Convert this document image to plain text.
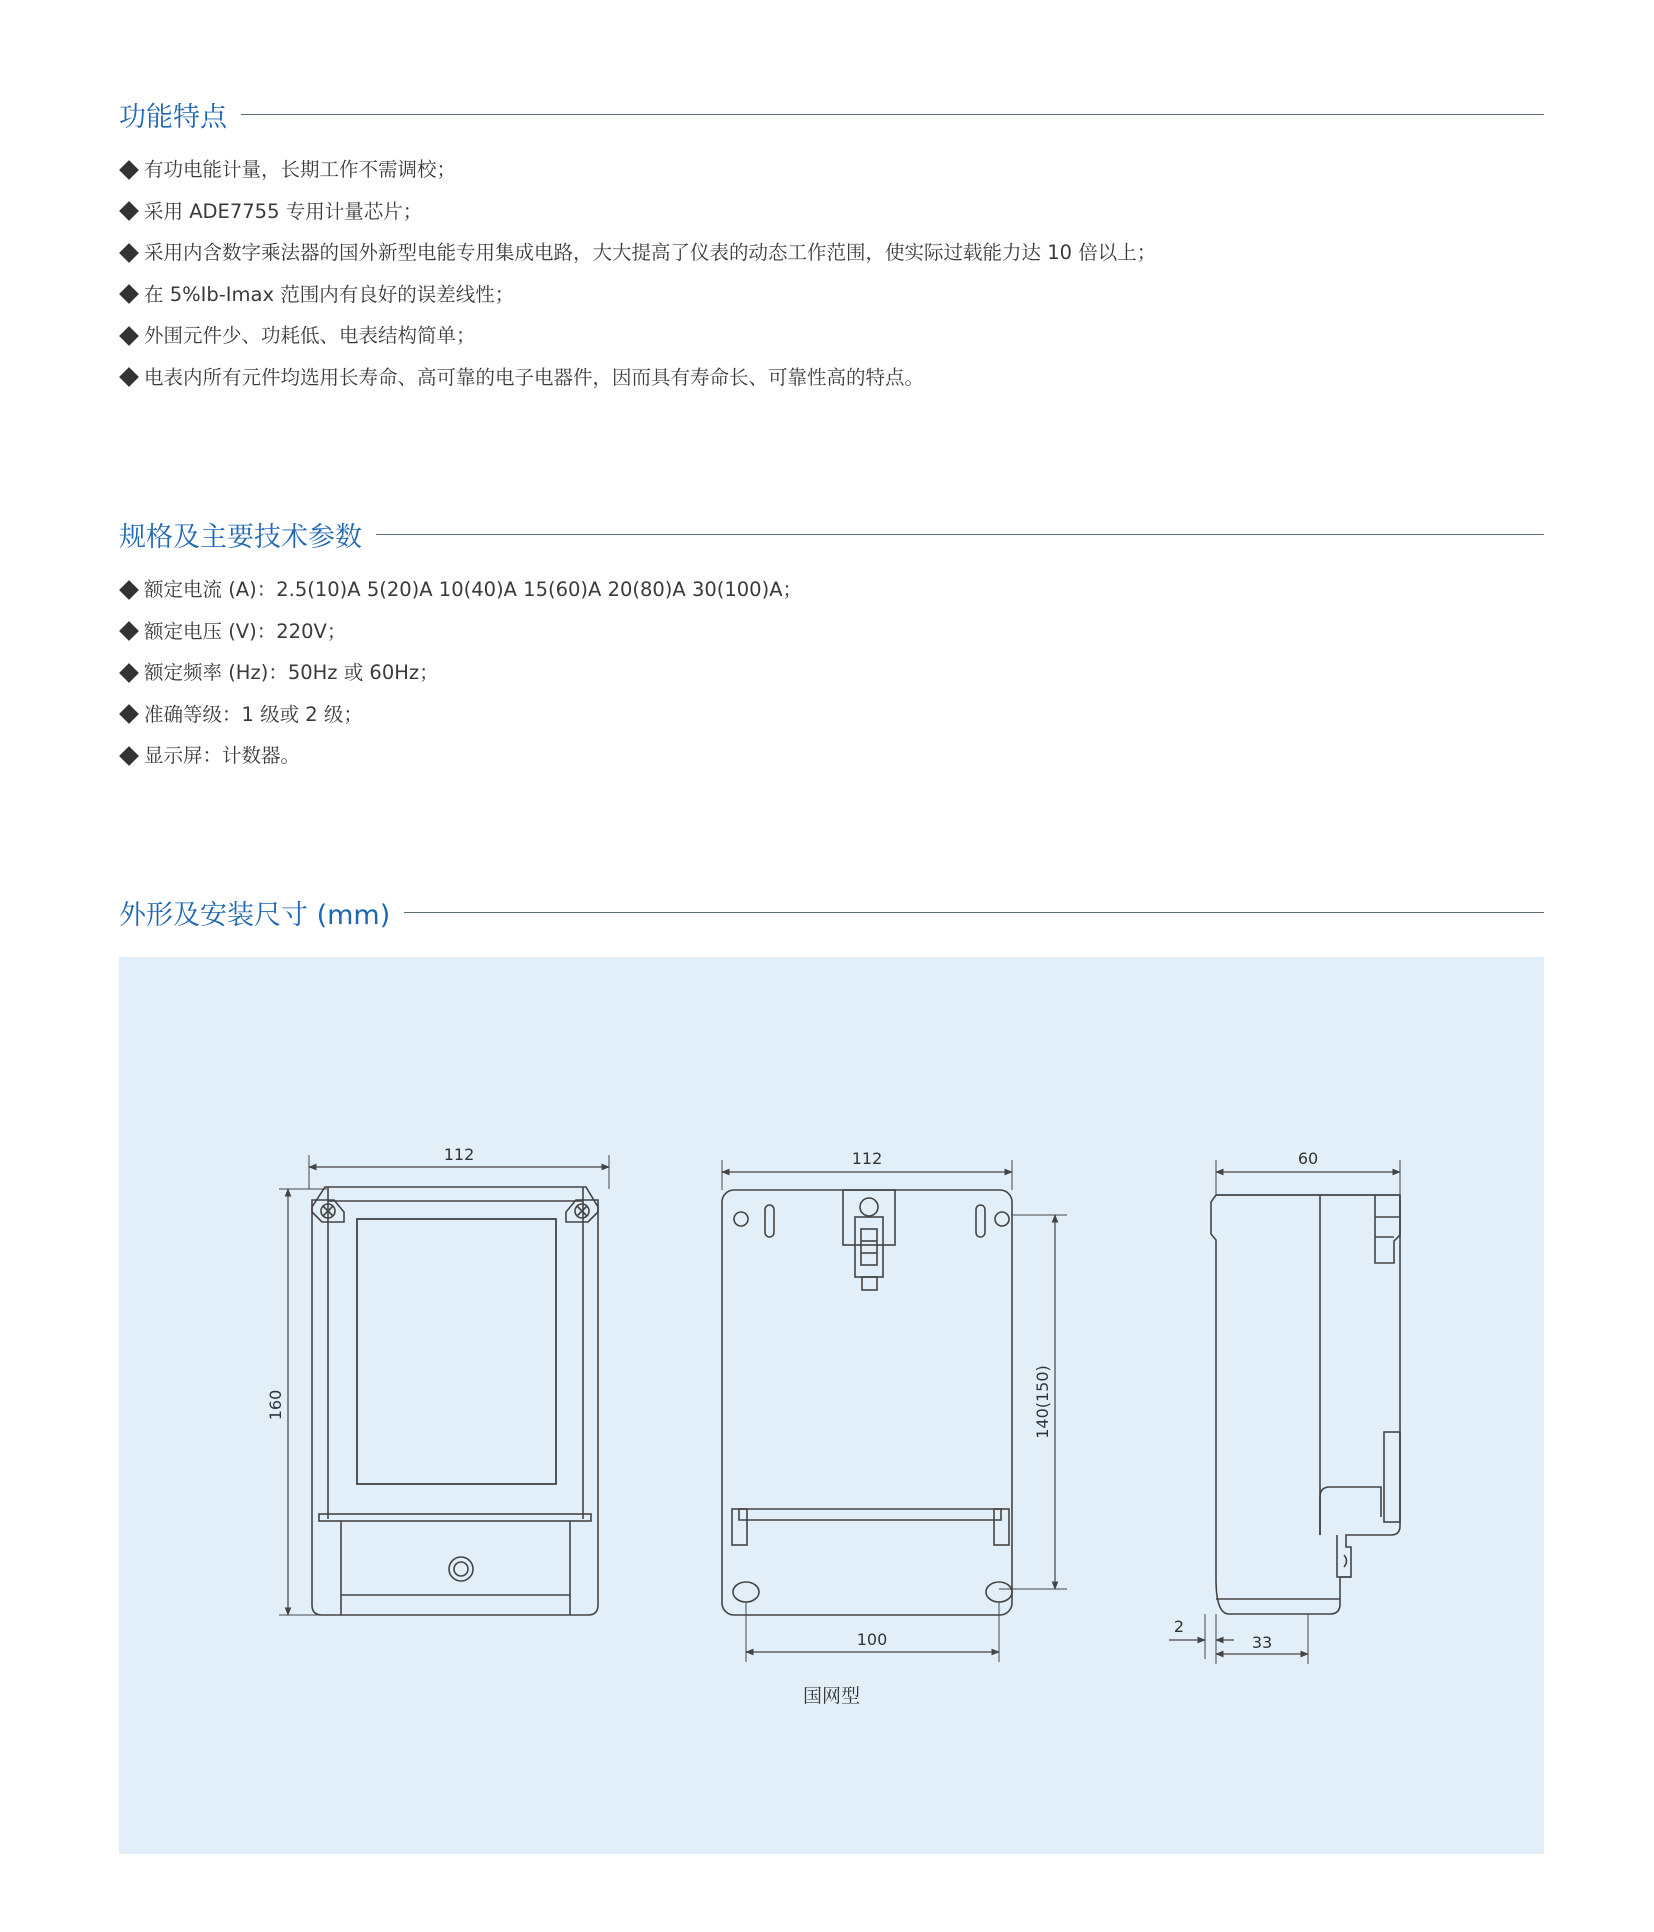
功能特点
有功电能计量，长期工作不需调校；
采用 ADE7755 专用计量芯片；
采用内含数字乘法器的国外新型电能专用集成电路，大大提高了仪表的动态工作范围，使实际过载能力达 10 倍以上；
在 5%Ib-Imax 范围内有良好的误差线性；
外围元件少、功耗低、电表结构简单；
电表内所有元件均选用长寿命、高可靠的电子电器件，因而具有寿命长、可靠性高的特点。
规格及主要技术参数
额定电流 (A)：2.5(10)A 5(20)A 10(40)A 15(60)A 20(80)A 30(100)A；
额定电压 (V)：220V；
额定频率 (Hz)：50Hz 或 60Hz；
准确等级：1 级或 2 级；
显示屏：计数器。
外形及安装尺寸 (mm)
112
160
112
140(150)
100
60
2
33
国网型
